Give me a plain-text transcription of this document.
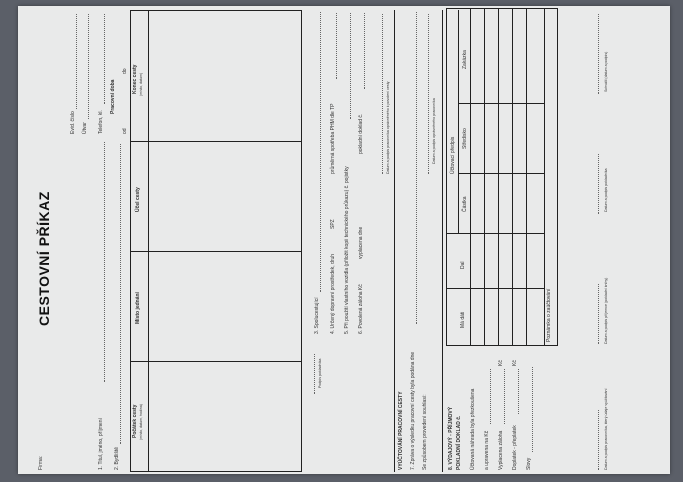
Firma:
CESTOVNÍ PŘÍKAZ
Evid. číslo Útvar Telefon, kl.
Pracovní doba
od
do
1. Titul, jméno, příjmení 2. Bydliště
Počátek cesty (místo, datum, hodina)
Místo jednání
Účel cesty
Konec cesty (místo, datum)
Podpis pokladníka
3. Spolucestující 4. Určený dopravní prostředek, druh
SPZ
průměrná spotřeba PHM dle TP
5. Při použití vlastního vozidla (přiložit kopii technického průkazu) č. pojistky 6. Povolená záloha Kč
vyplacena dne
pokladní doklad č.	Datum a podpis pracovníka oprávněného k povolení cesty
VYÚČTOVÁNÍ PRACOVNÍ CESTY 7. Zpráva o výsledku pracovní cesty byla podána dne Se způsobem provedení souhlasí:
Datum a podpis oprávněného pracovníka
8. VÝDAJOVÝ - PŘÍJMOVÝ POKLADNÍ DOKLAD č. Účtovaná náhrada byla přezkoušena a upravena na Kč Vyplacena záloha
Kč
Doplatek - přeplatek
Kč
Slovy
Účtovací předpis
Má dáti
Dal
Částka
Středisko
Zakázka
Poznámka o zaúčtování
Datum a podpis pracovníka, který údaje vyúčtování
Datum a podpis příjemce (pokladní knihy)
Datum a podpis pokladníka
Schválil (datum a podpis)
